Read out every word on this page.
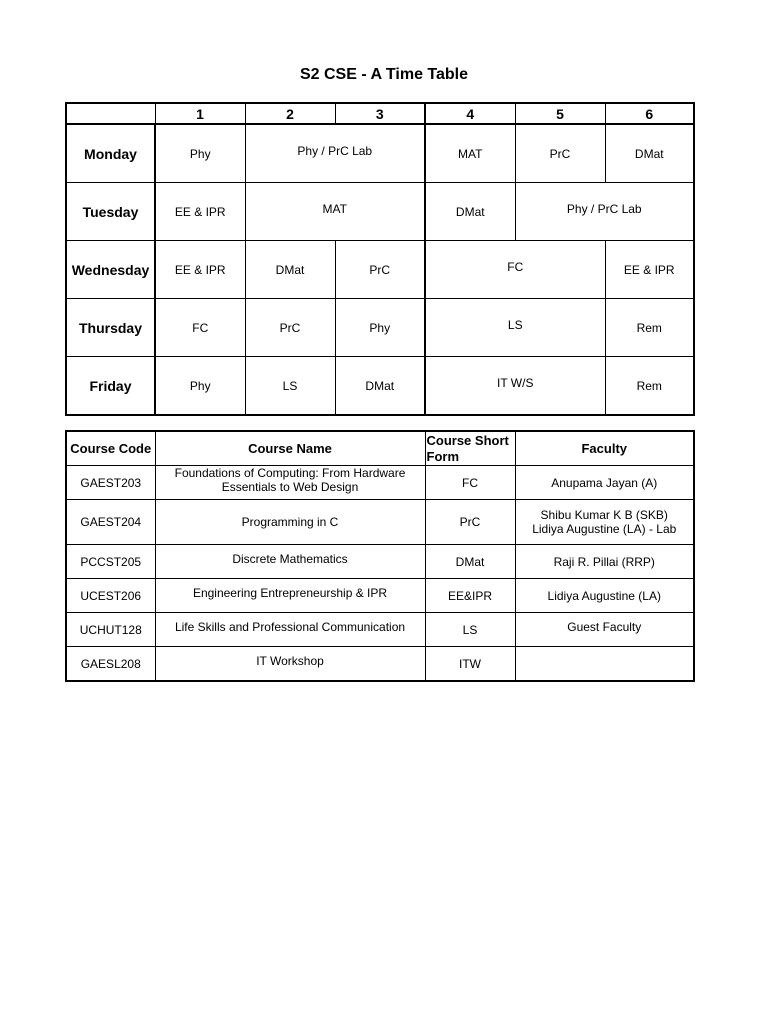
S2 CSE - A Time Table
	1	2	3	4	5	6
Monday	Phy	Phy / PrC Lab		MAT	PrC	DMat
Tuesday	EE & IPR	MAT		DMat	Phy / PrC Lab	
Wednesday	EE & IPR	DMat	PrC	FC		EE & IPR
Thursday	FC	PrC	Phy	LS		Rem
Friday	Phy	LS	DMat	IT W/S		Rem
Course Code	Course Name	Course Short Form	Faculty
GAEST203	Foundations of Computing: From Hardware Essentials to Web Design	FC	Anupama Jayan (A)
GAEST204	Programming in C	PrC	Shibu Kumar K B (SKB) Lidiya Augustine (LA) - Lab
PCCST205	Discrete Mathematics	DMat	Raji R. Pillai (RRP)
UCEST206	Engineering Entrepreneurship & IPR	EE&IPR	Lidiya Augustine (LA)
UCHUT128	Life Skills and Professional Communication	LS	Guest Faculty
GAESL208	IT Workshop	ITW	
